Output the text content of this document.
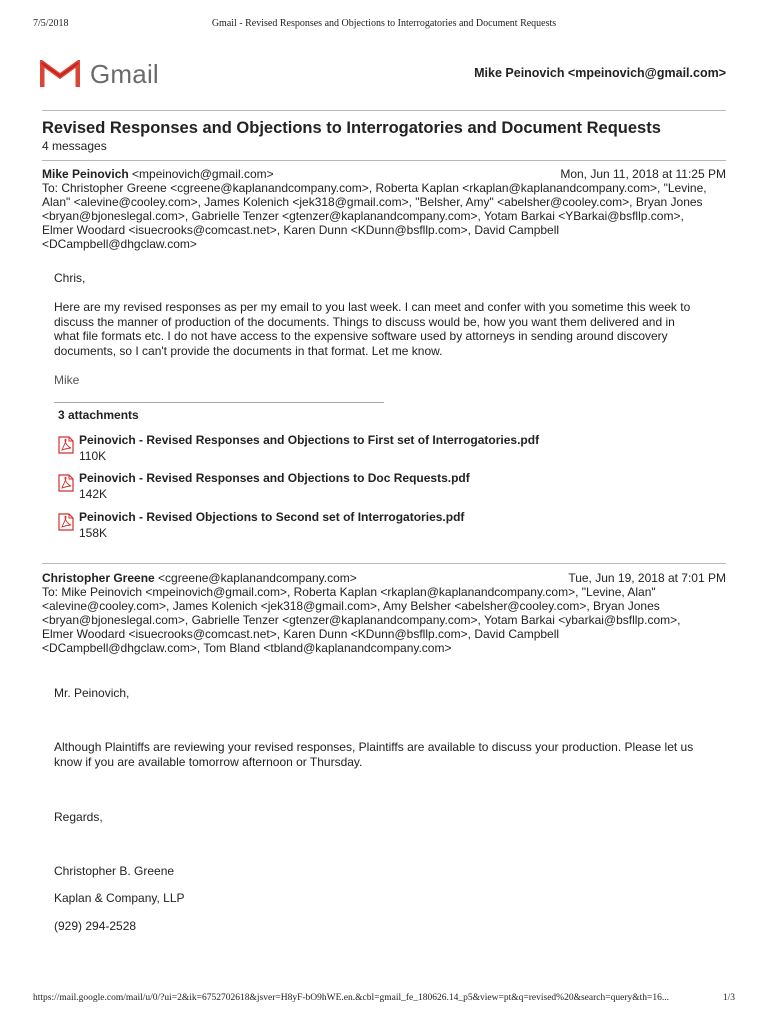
7/5/2018	Gmail - Revised Responses and Objections to Interrogatories and Document Requests
Gmail	Mike Peinovich <mpeinovich@gmail.com>
Revised Responses and Objections to Interrogatories and Document Requests
4 messages
Mike Peinovich <mpeinovich@gmail.com>	Mon, Jun 11, 2018 at 11:25 PM
To: Christopher Greene <cgreene@kaplanandcompany.com>, Roberta Kaplan <rkaplan@kaplanandcompany.com>, "Levine,
Alan" <alevine@cooley.com>, James Kolenich <jek318@gmail.com>, "Belsher, Amy" <abelsher@cooley.com>, Bryan Jones
<bryan@bjoneslegal.com>, Gabrielle Tenzer <gtenzer@kaplanandcompany.com>, Yotam Barkai <YBarkai@bsfllp.com>,
Elmer Woodard <isuecrooks@comcast.net>, Karen Dunn <KDunn@bsfllp.com>, David Campbell
<DCampbell@dhgclaw.com>
Chris,
Here are my revised responses as per my email to you last week. I can meet and confer with you sometime this week to
discuss the manner of production of the documents. Things to discuss would be, how you want them delivered and in
what file formats etc. I do not have access to the expensive software used by attorneys in sending around discovery
documents, so I can't provide the documents in that format. Let me know.
Mike
3 attachments
Peinovich - Revised Responses and Objections to First set of Interrogatories.pdf
110K
Peinovich - Revised Responses and Objections to Doc Requests.pdf
142K
Peinovich - Revised Objections to Second set of Interrogatories.pdf
158K
Christopher Greene <cgreene@kaplanandcompany.com>	Tue, Jun 19, 2018 at 7:01 PM
To: Mike Peinovich <mpeinovich@gmail.com>, Roberta Kaplan <rkaplan@kaplanandcompany.com>, "Levine, Alan"
<alevine@cooley.com>, James Kolenich <jek318@gmail.com>, Amy Belsher <abelsher@cooley.com>, Bryan Jones
<bryan@bjoneslegal.com>, Gabrielle Tenzer <gtenzer@kaplanandcompany.com>, Yotam Barkai <ybarkai@bsfllp.com>,
Elmer Woodard <isuecrooks@comcast.net>, Karen Dunn <KDunn@bsfllp.com>, David Campbell
<DCampbell@dhgclaw.com>, Tom Bland <tbland@kaplanandcompany.com>
Mr. Peinovich,
Although Plaintiffs are reviewing your revised responses, Plaintiffs are available to discuss your production. Please let us
know if you are available tomorrow afternoon or Thursday.
Regards,
Christopher B. Greene
Kaplan & Company, LLP
(929) 294-2528
https://mail.google.com/mail/u/0/?ui=2&ik=6752702618&jsver=H8yF-bO9hWE.en.&cbl=gmail_fe_180626.14_p5&view=pt&q=revised%20&search=query&th=16...	1/3
